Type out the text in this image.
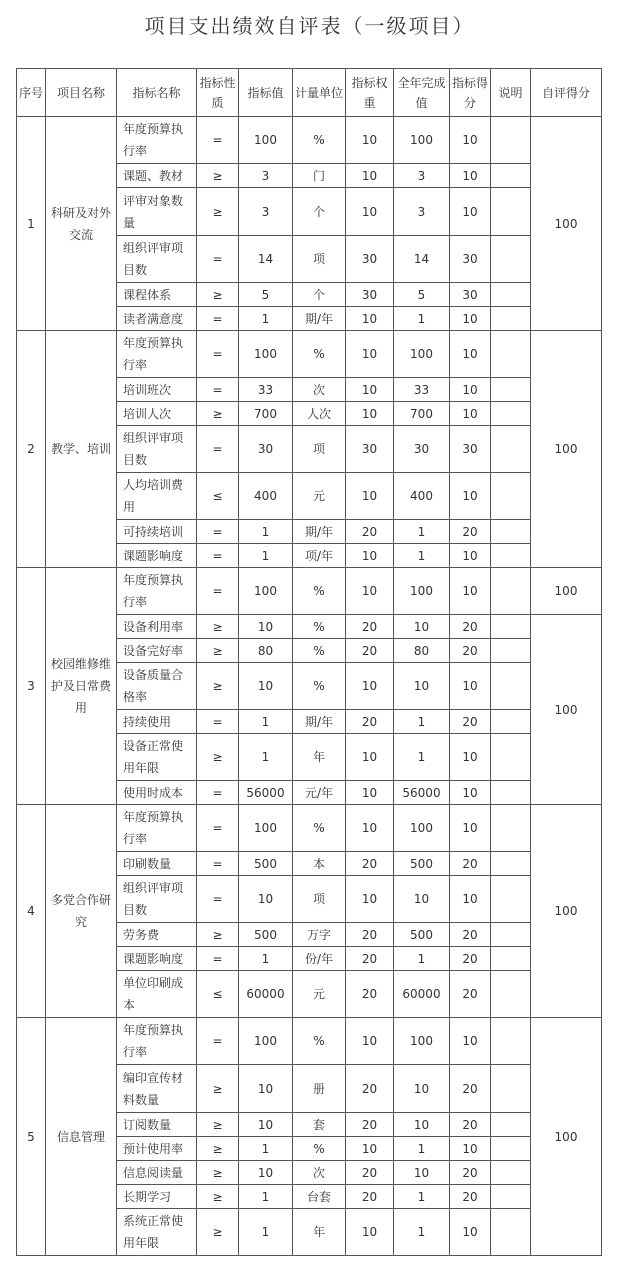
项目支出绩效自评表（一级项目）
序号	项目名称	指标名称	指标性质	指标值	计量单位	指标权重	全年完成值	指标得分	说明	自评得分
1	科研及对外交流	年度预算执行率	=	100	%	10	100	10		100
		课题、教材	≥	3	门	10	3	10		
		评审对象数量	≥	3	个	10	3	10		
		组织评审项目数	=	14	项	30	14	30		
		课程体系	≥	5	个	30	5	30		
		读者满意度	=	1	期/年	10	1	10		
2	教学、培训	年度预算执行率	=	100	%	10	100	10		100
		培训班次	=	33	次	10	33	10		
		培训人次	≥	700	人次	10	700	10		
		组织评审项目数	=	30	项	30	30	30		
		人均培训费用	≤	400	元	10	400	10		
		可持续培训	=	1	期/年	20	1	20		
		课题影响度	=	1	项/年	10	1	10		
3	校园维修维护及日常费用	年度预算执行率	=	100	%	10	100	10		100
		设备利用率	≥	10	%	20	10	20		100
		设备完好率	≥	80	%	20	80	20		
		设备质量合格率	≥	10	%	10	10	10		
		持续使用	=	1	期/年	20	1	20		
		设备正常使用年限	≥	1	年	10	1	10		
		使用时成本	=	56000	元/年	10	56000	10		
4	多党合作研究	年度预算执行率	=	100	%	10	100	10		100
		印刷数量	=	500	本	20	500	20		
		组织评审项目数	=	10	项	10	10	10		
		劳务费	≥	500	万字	20	500	20		
		课题影响度	=	1	份/年	20	1	20		
		单位印刷成本	≤	60000	元	20	60000	20		
5	信息管理	年度预算执行率	=	100	%	10	100	10		100
		编印宣传材料数量	≥	10	册	20	10	20		
		订阅数量	≥	10	套	20	10	20		
		预计使用率	≥	1	%	10	1	10		
		信息阅读量	≥	10	次	20	10	20		
		长期学习	≥	1	台套	20	1	20		
		系统正常使用年限	≥	1	年	10	1	10		
